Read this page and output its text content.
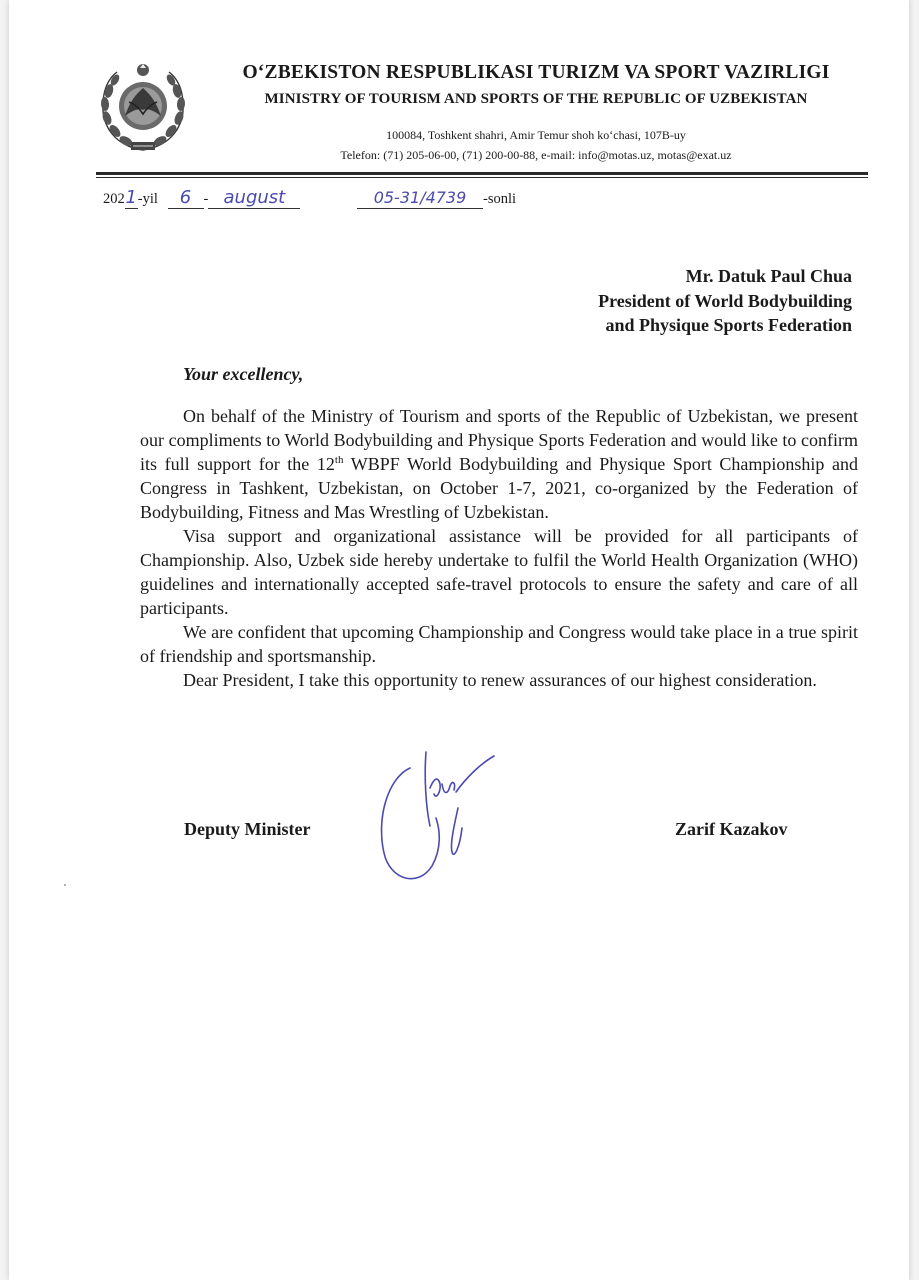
O‘ZBEKISTON RESPUBLIKASI TURIZM VA SPORT VAZIRLIGI
MINISTRY OF TOURISM AND SPORTS OF THE REPUBLIC OF UZBEKISTAN
100084, Toshkent shahri, Amir Temur shoh ko‘chasi, 107B-uy
Telefon: (71) 205-06-00, (71) 200-00-88, e-mail: info@motas.uz, motas@exat.uz
2021-yil 6 - august	05-31/4739 -sonli
Mr. Datuk Paul Chua
President of World Bodybuilding
and Physique Sports Federation
Your excellency,

On behalf of the Ministry of Tourism and sports of the Republic of Uzbekistan, we present our compliments to World Bodybuilding and Physique Sports Federation and would like to confirm its full support for the 12th WBPF World Bodybuilding and Physique Sport Championship and Congress in Tashkent, Uzbekistan, on October 1-7, 2021, co-organized by the Federation of Bodybuilding, Fitness and Mas Wrestling of Uzbekistan.

Visa support and organizational assistance will be provided for all participants of Championship. Also, Uzbek side hereby undertake to fulfil the World Health Organization (WHO) guidelines and internationally accepted safe-travel protocols to ensure the safety and care of all participants.

We are confident that upcoming Championship and Congress would take place in a true spirit of friendship and sportsmanship.

Dear President, I take this opportunity to renew assurances of our highest consideration.

Deputy Minister	Zarif Kazakov
